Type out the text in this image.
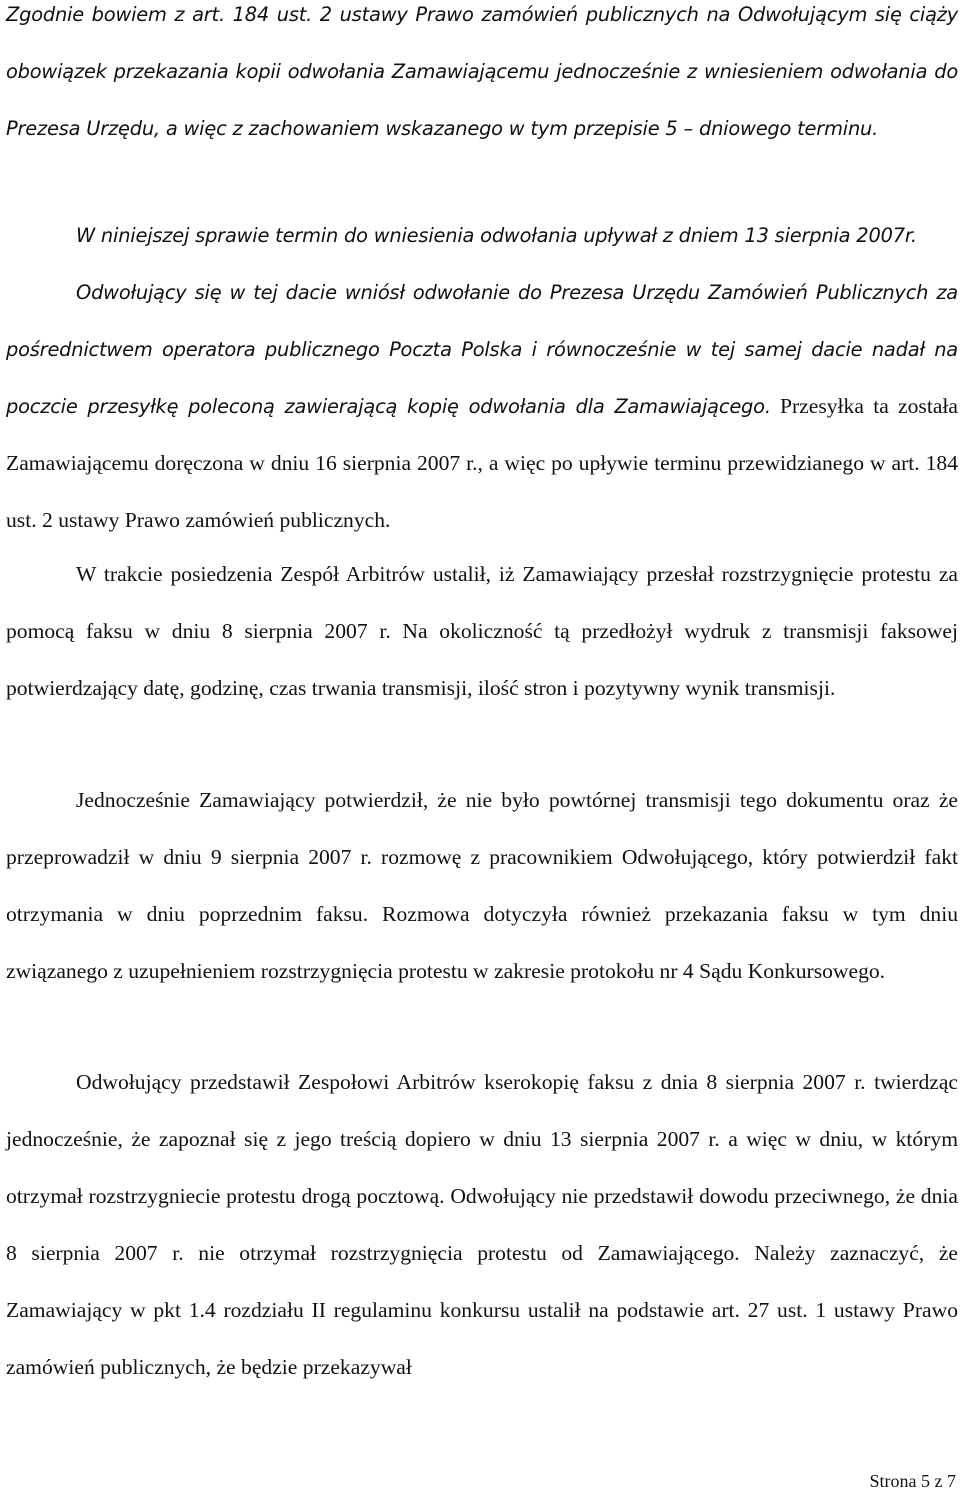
Zgodnie bowiem z art. 184 ust. 2 ustawy Prawo zamówień publicznych na Odwołującym się ciąży obowiązek przekazania kopii odwołania Zamawiającemu jednocześnie z wniesieniem odwołania do Prezesa Urzędu, a więc z zachowaniem wskazanego w tym przepisie 5 – dniowego terminu.

W niniejszej sprawie termin do wniesienia odwołania upływał z dniem 13 sierpnia 2007r.

Odwołujący się w tej dacie wniósł odwołanie do Prezesa Urzędu Zamówień Publicznych za pośrednictwem operatora publicznego Poczta Polska i równocześnie w tej samej dacie nadał na poczcie przesyłkę poleconą zawierającą kopię odwołania dla Zamawiającego. Przesyłka ta została Zamawiającemu doręczona w dniu 16 sierpnia 2007 r., a więc po upływie terminu przewidzianego w art. 184 ust. 2 ustawy Prawo zamówień publicznych.

W trakcie posiedzenia Zespół Arbitrów ustalił, iż Zamawiający przesłał rozstrzygnięcie protestu za pomocą faksu w dniu 8 sierpnia 2007 r. Na okoliczność tą przedłożył wydruk z transmisji faksowej potwierdzający datę, godzinę, czas trwania transmisji, ilość stron i pozytywny wynik transmisji.

Jednocześnie Zamawiający potwierdził, że nie było powtórnej transmisji tego dokumentu oraz że przeprowadził w dniu 9 sierpnia 2007 r. rozmowę z pracownikiem Odwołującego, który potwierdził fakt otrzymania w dniu poprzednim faksu. Rozmowa dotyczyła również przekazania faksu w tym dniu związanego z uzupełnieniem rozstrzygnięcia protestu w zakresie protokołu nr 4 Sądu Konkursowego.

Odwołujący przedstawił Zespołowi Arbitrów kserokopię faksu z dnia 8 sierpnia 2007 r. twierdząc jednocześnie, że zapoznał się z jego treścią dopiero w dniu 13 sierpnia 2007 r. a więc w dniu, w którym otrzymał rozstrzygniecie protestu drogą pocztową. Odwołujący nie przedstawił dowodu przeciwnego, że dnia 8 sierpnia 2007 r. nie otrzymał rozstrzygnięcia protestu od Zamawiającego. Należy zaznaczyć, że Zamawiający w pkt 1.4 rozdziału II regulaminu konkursu ustalił na podstawie art. 27 ust. 1 ustawy Prawo zamówień publicznych, że będzie przekazywał

Strona 5 z 7
